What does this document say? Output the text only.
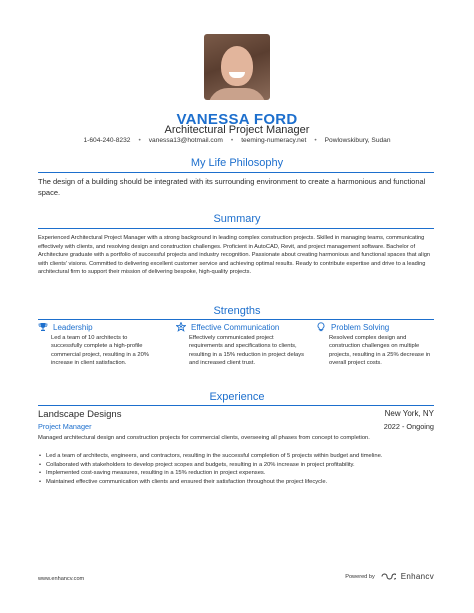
VANESSA FORD
Architectural Project Manager
1-604-240-8232 • vanessa13@hotmail.com • teeming-numeracy.net • Powlowskibury, Sudan
My Life Philosophy
The design of a building should be integrated with its surrounding environment to create a harmonious and functional space.
Summary
Experienced Architectural Project Manager with a strong background in leading complex construction projects. Skilled in managing teams, communicating effectively with clients, and resolving design and construction challenges. Proficient in AutoCAD, Revit, and project management software. Bachelor of Architecture graduate with a portfolio of successful projects and industry recognition. Passionate about creating harmonious and functional spaces that align with clients' visions. Committed to delivering excellent customer service and achieving optimal results. Ready to contribute expertise and drive to a leading architectural firm to support their mission of delivering bespoke, high-quality projects.
Strengths
Leadership
Led a team of 10 architects to successfully complete a high-profile commercial project, resulting in a 20% increase in client satisfaction.
Effective Communication
Effectively communicated project requirements and specifications to clients, resulting in a 15% reduction in project delays and increased client trust.
Problem Solving
Resolved complex design and construction challenges on multiple projects, resulting in a 25% decrease in overall project costs.
Experience
Landscape Designs	New York, NY
Project Manager	2022 - Ongoing
Managed architectural design and construction projects for commercial clients, overseeing all phases from concept to completion.
• Led a team of architects, engineers, and contractors, resulting in the successful completion of 5 projects within budget and timeline.
• Collaborated with stakeholders to develop project scopes and budgets, resulting in a 20% increase in project profitability.
• Implemented cost-saving measures, resulting in a 15% reduction in project expenses.
• Maintained effective communication with clients and ensured their satisfaction throughout the project lifecycle.
www.enhancv.com	Powered by	Enhancv
